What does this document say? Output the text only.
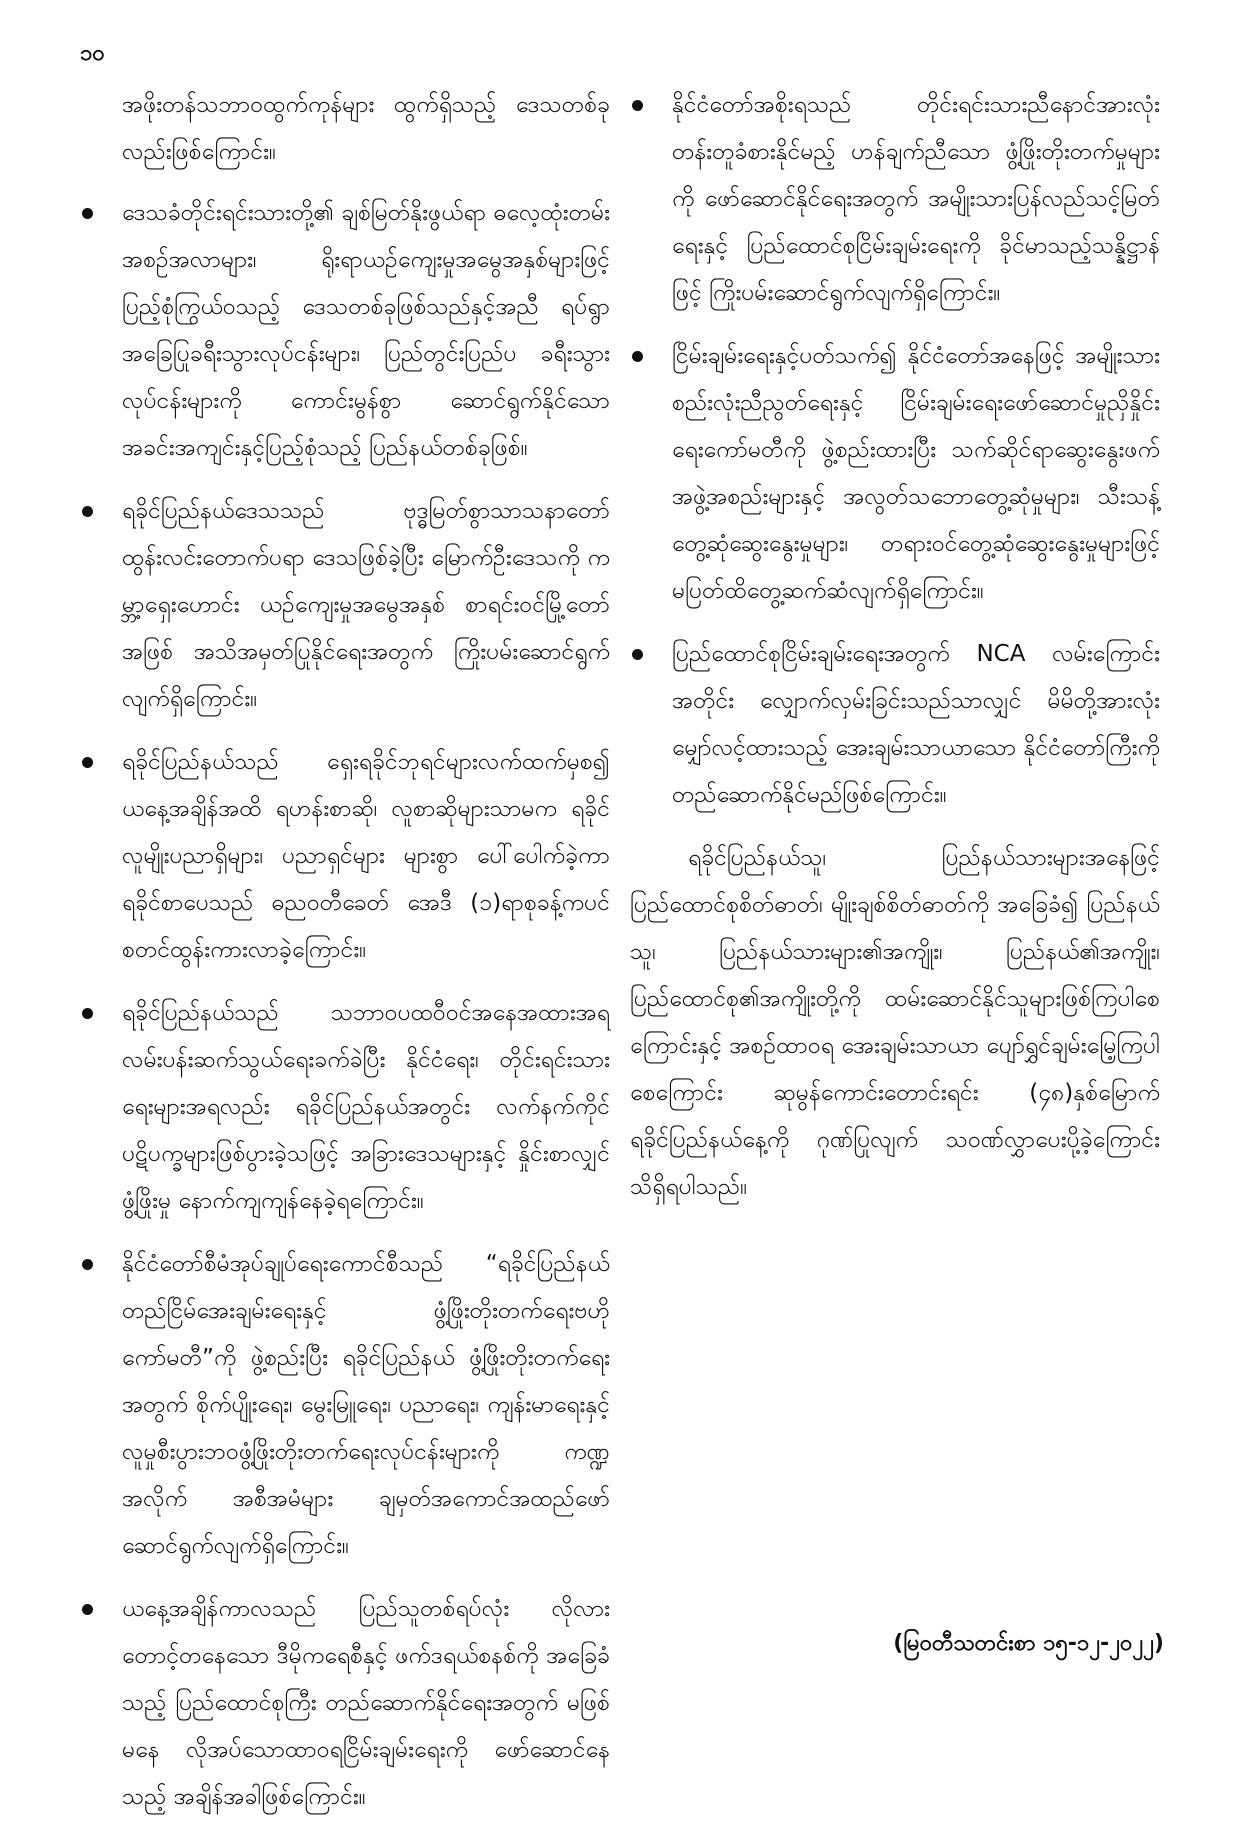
၁၀

အဖိုးတန်သဘာဝထွက်ကုန်များ ထွက်ရှိသည့် ဒေသတစ်ခုလည်းဖြစ်ကြောင်း။

ဒေသခံတိုင်းရင်းသားတို့၏ ချစ်မြတ်နိုးဖွယ်ရာ ဓလေ့ထုံးတမ်းအစဉ်အလာများ၊ ရိုးရာယဉ်ကျေးမှုအမွေအနှစ်များဖြင့် ပြည့်စုံကြွယ်ဝသည့် ဒေသတစ်ခုဖြစ်သည်နှင့်အညီ ရပ်ရွာအခြေပြုခရီးသွားလုပ်ငန်းများ၊ ပြည်တွင်းပြည်ပ ခရီးသွားလုပ်ငန်းများကို ကောင်းမွန်စွာ ဆောင်ရွက်နိုင်သောအခင်းအကျင်းနှင့်ပြည့်စုံသည့် ပြည်နယ်တစ်ခုဖြစ်။
ရခိုင်ပြည်နယ်ဒေသသည် ဗုဒ္ဓမြတ်စွာသာသနာတော် ထွန်းလင်းတောက်ပရာ ဒေသဖြစ်ခဲ့ပြီး မြောက်ဦးဒေသကို ကမ္ဘာ့ရှေးဟောင်း ယဉ်ကျေးမှုအမွေအနှစ် စာရင်းဝင်မြို့တော်အဖြစ် အသိအမှတ်ပြုနိုင်ရေးအတွက် ကြိုးပမ်းဆောင်ရွက်လျက်ရှိကြောင်း။
ရခိုင်ပြည်နယ်သည် ရှေးရခိုင်ဘုရင်များလက်ထက်မှစ၍ ယနေ့အချိန်အထိ ရဟန်းစာဆို၊ လူစာဆိုများသာမက ရခိုင်လူမျိုးပညာရှိများ၊ ပညာရှင်များ များစွာ ပေါ်ပေါက်ခဲ့ကာ ရခိုင်စာပေသည် ဓညဝတီခေတ် အေဒီ (၁)ရာစုခန့်ကပင် စတင်ထွန်းကားလာခဲ့ကြောင်း။
ရခိုင်ပြည်နယ်သည် သဘာဝပထဝီဝင်အနေအထားအရ လမ်းပန်းဆက်သွယ်ရေးခက်ခဲပြီး နိုင်ငံရေး၊ တိုင်းရင်းသားရေးများအရလည်း ရခိုင်ပြည်နယ်အတွင်း လက်နက်ကိုင်ပဋိပက္ခများဖြစ်ပွားခဲ့သဖြင့် အခြားဒေသများနှင့် နှိုင်းစာလျှင် ဖွံ့ဖြိုးမှု နောက်ကျကျန်နေခဲ့ရကြောင်း။
နိုင်ငံတော်စီမံအုပ်ချုပ်ရေးကောင်စီသည် “ရခိုင်ပြည်နယ်တည်ငြိမ်အေးချမ်းရေးနှင့် ဖွံ့ဖြိုးတိုးတက်ရေးဗဟိုကော်မတီ”ကို ဖွဲ့စည်းပြီး ရခိုင်ပြည်နယ် ဖွံ့ဖြိုးတိုးတက်ရေးအတွက် စိုက်ပျိုးရေး၊ မွေးမြူရေး၊ ပညာရေး၊ ကျန်းမာရေးနှင့် လူမှုစီးပွားဘဝဖွံ့ဖြိုးတိုးတက်ရေးလုပ်ငန်းများကို ကဏ္ဍအလိုက် အစီအမံများ ချမှတ်အကောင်အထည်ဖော်ဆောင်ရွက်လျက်ရှိကြောင်း။
ယနေ့အချိန်ကာလသည် ပြည်သူတစ်ရပ်လုံး လိုလားတောင့်တနေသော ဒီမိုကရေစီနှင့် ဖက်ဒရယ်စနစ်ကို အခြေခံသည့် ပြည်ထောင်စုကြီး တည်ဆောက်နိုင်ရေးအတွက် မဖြစ်မနေ လိုအပ်သောထာဝရငြိမ်းချမ်းရေးကို ဖော်ဆောင်နေသည့် အချိန်အခါဖြစ်ကြောင်း။
နိုင်ငံတော်အစိုးရသည် တိုင်းရင်းသားညီနောင်အားလုံး တန်းတူခံစားနိုင်မည့် ဟန်ချက်ညီသော ဖွံ့ဖြိုးတိုးတက်မှုများကို ဖော်ဆောင်နိုင်ရေးအတွက် အမျိုးသားပြန်လည်သင့်မြတ်ရေးနှင့် ပြည်ထောင်စုငြိမ်းချမ်းရေးကို ခိုင်မာသည့်သန္နိဋ္ဌာန်ဖြင့် ကြိုးပမ်းဆောင်ရွက်လျက်ရှိကြောင်း။
ငြိမ်းချမ်းရေးနှင့်ပတ်သက်၍ နိုင်ငံတော်အနေဖြင့် အမျိုးသားစည်းလုံးညီညွတ်ရေးနှင့် ငြိမ်းချမ်းရေးဖော်ဆောင်မှုညှိနှိုင်းရေးကော်မတီကို ဖွဲ့စည်းထားပြီး သက်ဆိုင်ရာဆွေးနွေးဖက် အဖွဲ့အစည်းများနှင့် အလွတ်သဘောတွေ့ဆုံမှုများ၊ သီးသန့်တွေ့ဆုံဆွေးနွေးမှုများ၊ တရားဝင်တွေ့ဆုံဆွေးနွေးမှုများဖြင့် မပြတ်ထိတွေ့ဆက်ဆံလျက်ရှိကြောင်း။
ပြည်ထောင်စုငြိမ်းချမ်းရေးအတွက် NCA လမ်းကြောင်းအတိုင်း လျှောက်လှမ်းခြင်းသည်သာလျှင် မိမိတို့အားလုံး မျှော်လင့်ထားသည့် အေးချမ်းသာယာသော နိုင်ငံတော်ကြီးကို တည်ဆောက်နိုင်မည်ဖြစ်ကြောင်း။

ရခိုင်ပြည်နယ်သူ၊ ပြည်နယ်သားများအနေဖြင့် ပြည်ထောင်စုစိတ်ဓာတ်၊ မျိုးချစ်စိတ်ဓာတ်ကို အခြေခံ၍ ပြည်နယ်သူ၊ ပြည်နယ်သားများ၏အကျိုး၊ ပြည်နယ်၏အကျိုး၊ ပြည်ထောင်စု၏အကျိုးတို့ကို ထမ်းဆောင်နိုင်သူများဖြစ်ကြပါစေကြောင်းနှင့် အစဉ်ထာဝရ အေးချမ်းသာယာ ပျော်ရွှင်ချမ်းမြေ့ကြပါစေကြောင်း ဆုမွန်ကောင်းတောင်းရင်း (၄၈)နှစ်မြောက် ရခိုင်ပြည်နယ်နေ့ကို ဂုဏ်ပြုလျက် သဝဏ်လွှာပေးပို့ခဲ့ကြောင်း သိရှိရပါသည်။

(မြဝတီသတင်းစာ ၁၅-၁၂-၂၀၂၂)
